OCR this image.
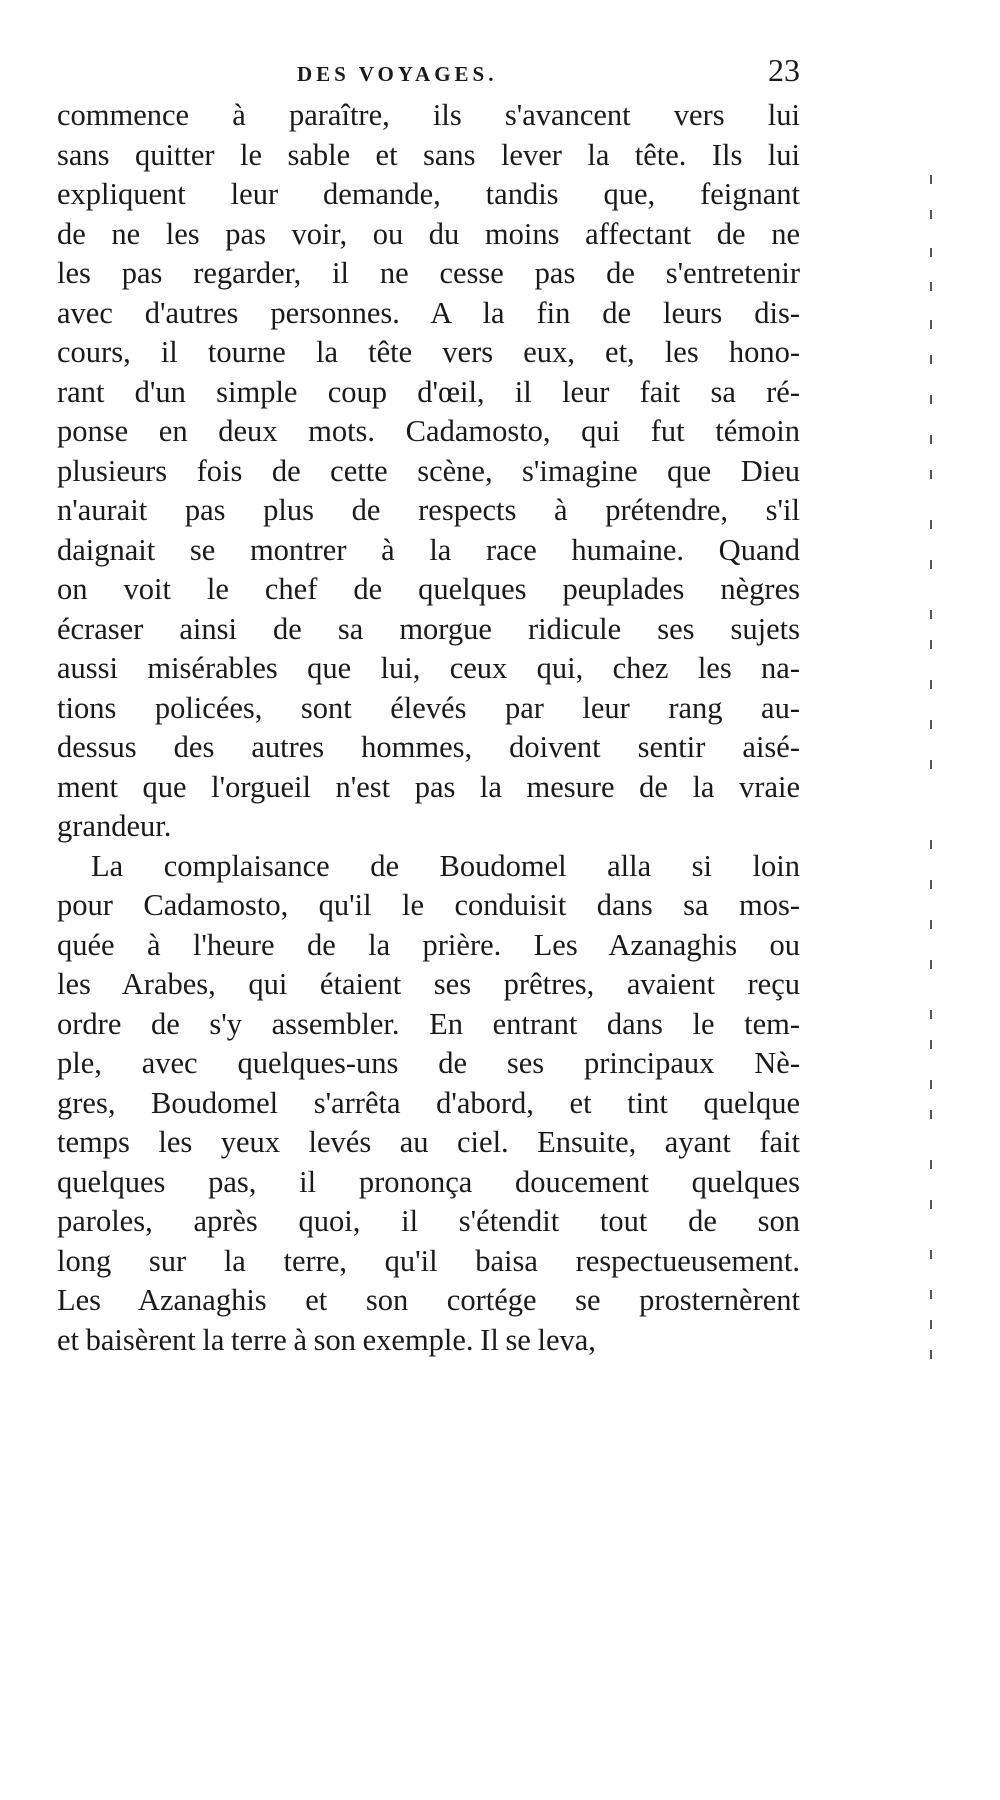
DES VOYAGES.	23
commence à paraître, ils s'avancent vers lui
sans quitter le sable et sans lever la tête. Ils lui
expliquent leur demande, tandis que, feignant
de ne les pas voir, ou du moins affectant de ne
les pas regarder, il ne cesse pas de s'entretenir
avec d'autres personnes. A la fin de leurs dis-
cours, il tourne la tête vers eux, et, les hono-
rant d'un simple coup d'œil, il leur fait sa ré-
ponse en deux mots. Cadamosto, qui fut témoin
plusieurs fois de cette scène, s'imagine que Dieu
n'aurait pas plus de respects à prétendre, s'il
daignait se montrer à la race humaine. Quand
on voit le chef de quelques peuplades nègres
écraser ainsi de sa morgue ridicule ses sujets
aussi misérables que lui, ceux qui, chez les na-
tions policées, sont élevés par leur rang au-
dessus des autres hommes, doivent sentir aisé-
ment que l'orgueil n'est pas la mesure de la vraie
grandeur.
La complaisance de Boudomel alla si loin
pour Cadamosto, qu'il le conduisit dans sa mos-
quée à l'heure de la prière. Les Azanaghis ou
les Arabes, qui étaient ses prêtres, avaient reçu
ordre de s'y assembler. En entrant dans le tem-
ple, avec quelques-uns de ses principaux Nè-
gres, Boudomel s'arrêta d'abord, et tint quelque
temps les yeux levés au ciel. Ensuite, ayant fait
quelques pas, il prononça doucement quelques
paroles, après quoi, il s'étendit tout de son
long sur la terre, qu'il baisa respectueusement.
Les Azanaghis et son cortége se prosternèrent
et baisèrent la terre à son exemple. Il se leva,
